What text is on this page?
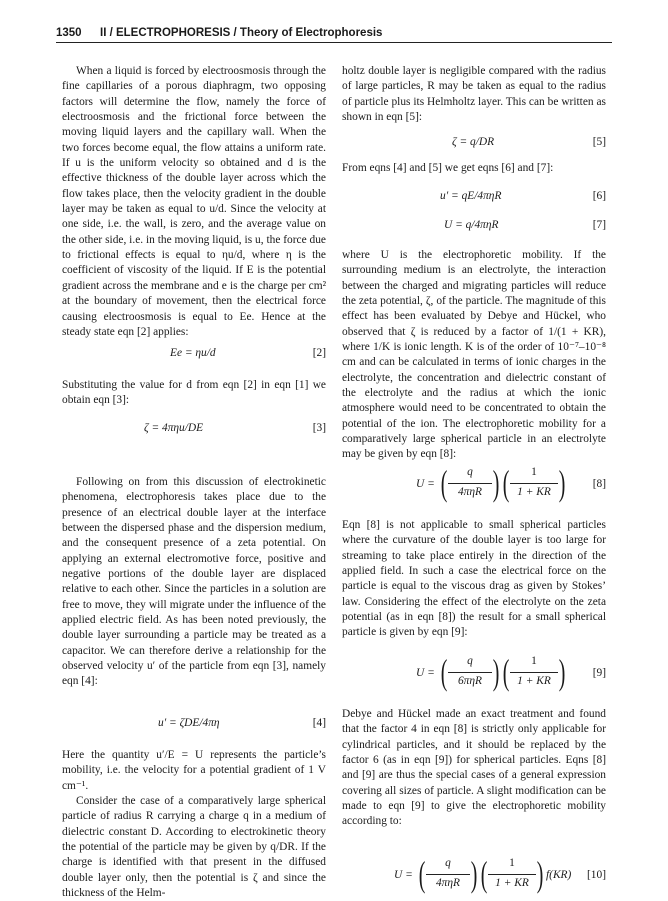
1350 II / ELECTROPHORESIS / Theory of Electrophoresis

When a liquid is forced by electroosmosis through the fine capillaries of a porous diaphragm, two opposing factors will determine the flow, namely the force of electroosmosis and the frictional force between the moving liquid layers and the capillary wall. When the two forces become equal, the flow attains a uniform rate. If u is the uniform velocity so obtained and d is the effective thickness of the double layer across which the flow takes place, then the velocity gradient in the double layer may be taken as equal to u/d. Since the velocity at one side, i.e. the wall, is zero, and the average value on the other side, i.e. in the moving liquid, is u, the force due to frictional effects is equal to ηu/d, where η is the coefficient of viscosity of the liquid. If E is the potential gradient across the membrane and e is the charge per cm² at the boundary of movement, then the electrical force causing electroosmosis is equal to Ee. Hence at the steady state eqn [2] applies:

Ee = ηu/d	[2]

Substituting the value for d from eqn [2] in eqn [1] we obtain eqn [3]:

ζ = 4πηu/DE	[3]

Following on from this discussion of electrokinetic phenomena, electrophoresis takes place due to the presence of an electrical double layer at the interface between the dispersed phase and the dispersion medium, and the consequent presence of a zeta potential. On applying an external electromotive force, positive and negative portions of the double layer are displaced relative to each other. Since the particles in a solution are free to move, they will migrate under the influence of the applied electric field. As has been noted previously, the double layer surrounding a particle may be treated as a capacitor. We can therefore derive a relationship for the observed velocity u′ of the particle from eqn [3], namely eqn [4]:

u′ = ζDE/4πη	[4]

Here the quantity u′/E = U represents the particle’s mobility, i.e. the velocity for a potential gradient of 1 V cm⁻¹.

Consider the case of a comparatively large spherical particle of radius R carrying a charge q in a medium of dielectric constant D. According to electrokinetic theory the potential of the particle may be given by q/DR. If the charge is identified with that present in the diffused double layer only, then the potential is ζ and since the thickness of the Helm-

holtz double layer is negligible compared with the radius of large particles, R may be taken as equal to the radius of particle plus its Helmholtz layer. This can be written as shown in eqn [5]:

ζ = q/DR	[5]

From eqns [4] and [5] we get eqns [6] and [7]:

u′ = qE/4πηR	[6]
U = q/4πηR	[7]

where U is the electrophoretic mobility. If the surrounding medium is an electrolyte, the interaction between the charged and migrating particles will reduce the zeta potential, ζ, of the particle. The magnitude of this effect has been evaluated by Debye and Hückel, who observed that ζ is reduced by a factor of 1/(1 + KR), where 1/K is ionic length. K is of the order of 10⁻⁷–10⁻⁸ cm and can be calculated in terms of ionic charges in the electrolyte, the concentration and dielectric constant of the electrolyte and the radius at which the ionic atmosphere would need to be concentrated to obtain the potential of the ion. The electrophoretic mobility for a comparatively large spherical particle in an electrolyte may be given by eqn [8]:

U = (	q
4πηR ) (	1
1 + KR ) [8]

Eqn [8] is not applicable to small spherical particles where the curvature of the double layer is too large for streaming to take place entirely in the direction of the applied field. In such a case the electrical force on the particle is equal to the viscous drag as given by Stokes’ law. Considering the effect of the electrolyte on the zeta potential (as in eqn [8]) the result for a small spherical particle is given by eqn [9]:

U = (	q
6πηR ) (	1
1 + KR ) [9]

Debye and Hückel made an exact treatment and found that the factor 4 in eqn [8] is strictly only applicable for cylindrical particles, and it should be replaced by the factor 6 (as in eqn [9]) for spherical particles. Eqns [8] and [9] are thus the special cases of a general expression covering all sizes of particle. A slight modification can be made to eqn [9] to give the electrophoretic mobility according to:

U = (	q
4πηR ) (	1
1 + KR ) f(KR) [10]
